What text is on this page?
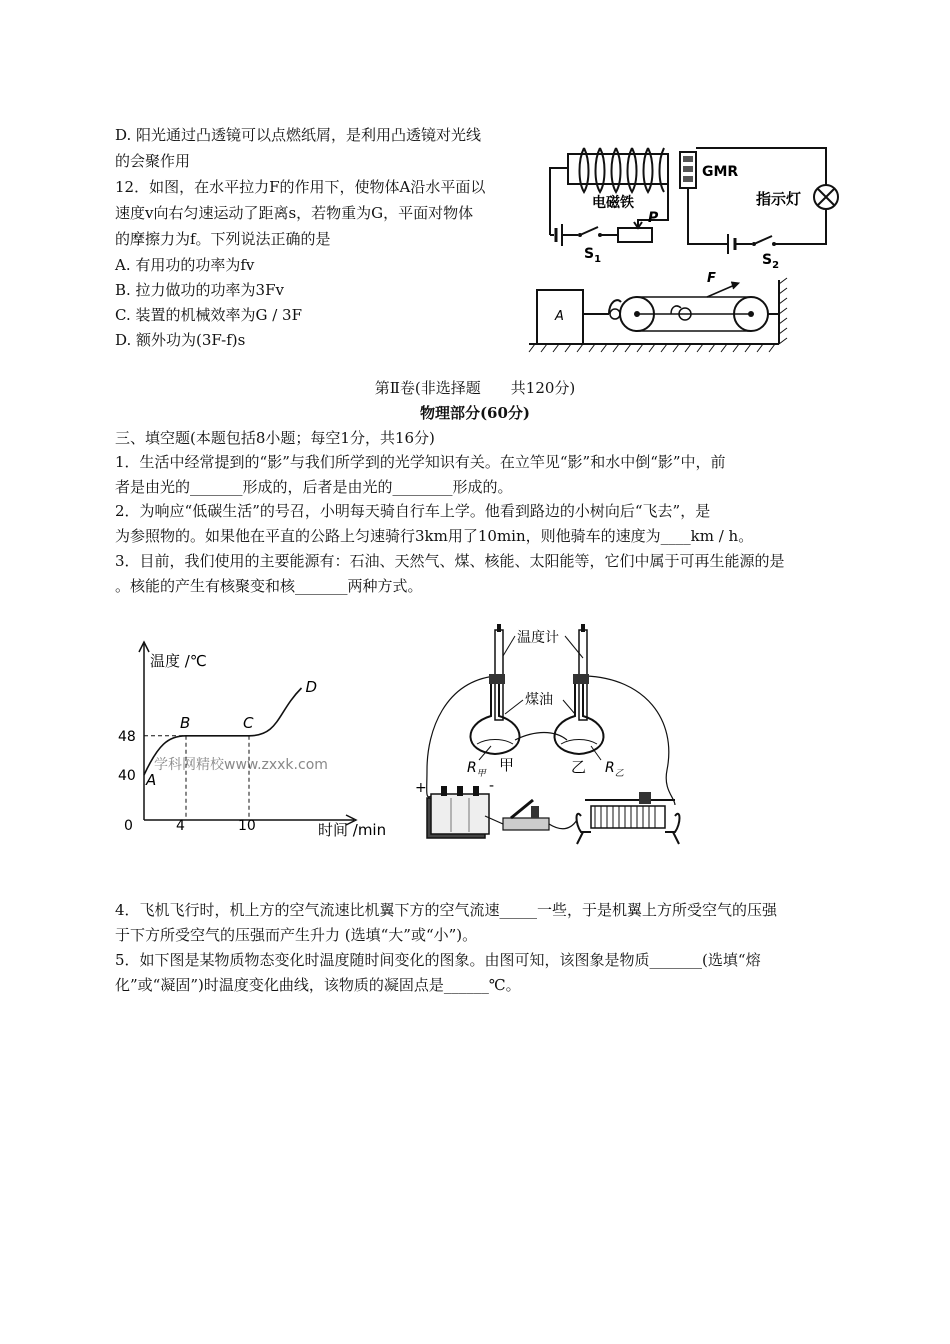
D. 阳光通过凸透镜可以点燃纸屑，是利用凸透镜对光线
的会聚作用
12．如图，在水平拉力F的作用下，使物体A沿水平面以
速度v向右匀速运动了距离s，若物重为G，平面对物体
的摩擦力为f。下列说法正确的是
A. 有用功的功率为fv
B. 拉力做功的功率为3Fv
C. 装置的机械效率为G / 3F
D. 额外功为(3F-f)s
GMR
电磁铁	指示灯
$S_2$
$S_1$
P
A
F
第Ⅱ卷(非选择题　　共120分)
物理部分(60分)
三、填空题(本题包括8小题；每空1分，共16分)
1．生活中经常提到的“影”与我们所学到的光学知识有关。在立竿见“影”和水中倒“影”中，前
者是由光的_______形成的，后者是由光的________形成的。
2．为响应“低碳生活”的号召，小明每天骑自行车上学。他看到路边的小树向后“飞去”，是
为参照物的。如果他在平直的公路上匀速骑行3km用了10min，则他骑车的速度为____km / h。
3．目前，我们使用的主要能源有：石油、天然气、煤、核能、太阳能等，它们中属于可再生能源的是
。核能的产生有核聚变和核_______两种方式。
温度 /℃
时间 /min
0	4	10
40
48
学科网精校www.zxxk.com
A
B	C
D
温度计
煤油
$R_甲$ 甲	乙 $R_乙$
+	-
4．飞机飞行时，机上方的空气流速比机翼下方的空气流速_____一些，于是机翼上方所受空气的压强
于下方所受空气的压强而产生升力 (选填“大”或“小”)。
5．如下图是某物质物态变化时温度随时间变化的图象。由图可知，该图象是物质_______(选填“熔
化”或“凝固”)时温度变化曲线，该物质的凝固点是______℃。
